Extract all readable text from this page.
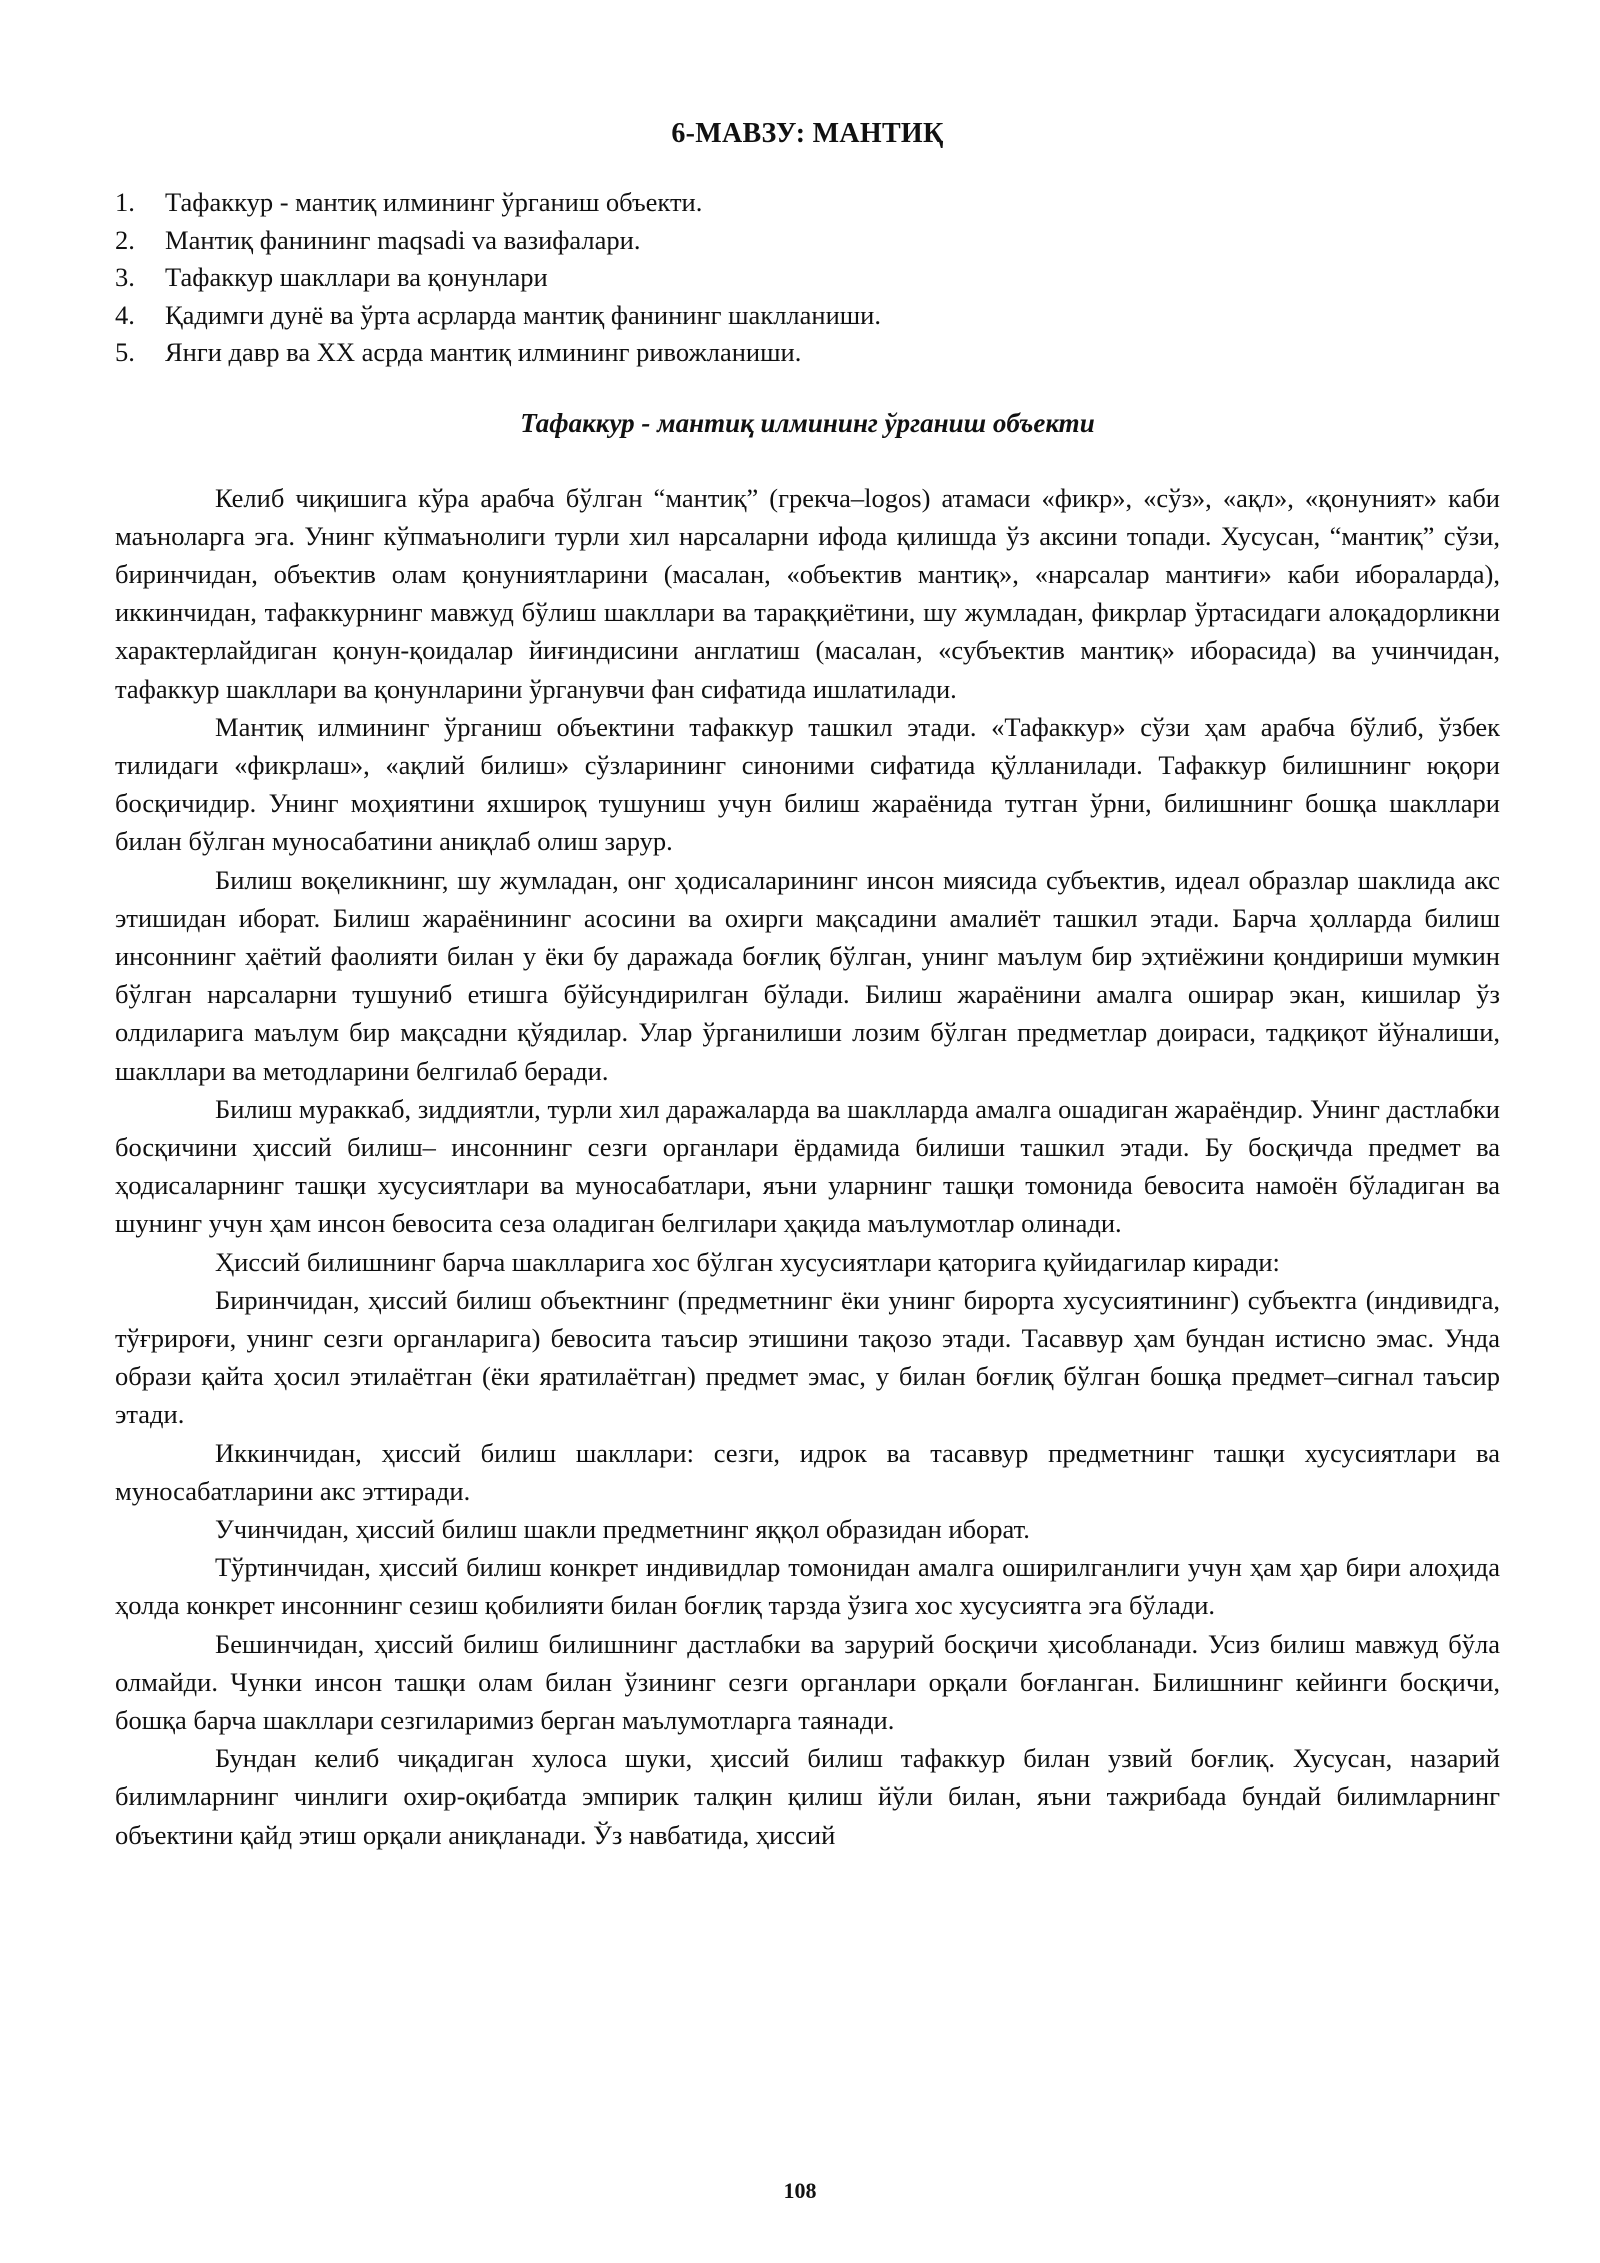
6-МАВЗУ: МАНТИҚ
1.	Тафаккур - мантиқ илмининг ўрганиш объекти.
2.	Мантиқ фанининг maqsadi va вазифалари.
3.	Тафаккур шакллари ва қонунлари
4.	Қадимги дунё ва ўрта асрларда мантиқ фанининг шаклланиши.
5.	Янги давр ва XX асрда мантиқ илмининг ривожланиши.
Тафаккур - мантиқ илмининг ўрганиш объекти

Келиб чиқишига кўра арабча бўлган “мантиқ” (грекча–logos) атамаси «фикр», «сўз», «ақл», «қонуният» каби маъноларга эга. Унинг кўпмаънолиги турли хил нарсаларни ифода қилишда ўз аксини топади. Хусусан, “мантиқ” сўзи, биринчидан, объектив олам қонуниятларини (масалан, «объектив мантиқ», «нарсалар мантиғи» каби ибораларда), иккинчидан, тафаккурнинг мавжуд бўлиш шакллари ва тараққиётини, шу жумладан, фикрлар ўртасидаги алоқадорликни характерлайдиган қонун-қоидалар йиғиндисини англатиш (масалан, «субъектив мантиқ» иборасида) ва учинчидан, тафаккур шакллари ва қонунларини ўрганувчи фан сифатида ишлатилади.

Мантиқ илмининг ўрганиш объектини тафаккур ташкил этади. «Тафаккур» сўзи ҳам арабча бўлиб, ўзбек тилидаги «фикрлаш», «ақлий билиш» сўзларининг синоними сифатида қўлланилади. Тафаккур билишнинг юқори босқичидир. Унинг моҳиятини яхшироқ тушуниш учун билиш жараёнида тутган ўрни, билишнинг бошқа шакллари билан бўлган муносабатини аниқлаб олиш зарур.

Билиш воқеликнинг, шу жумладан, онг ҳодисаларининг инсон миясида субъектив, идеал образлар шаклида акс этишидан иборат. Билиш жараёнининг асосини ва охирги мақсадини амалиёт ташкил этади. Барча ҳолларда билиш инсоннинг ҳаётий фаолияти билан у ёки бу даражада боғлиқ бўлган, унинг маълум бир эҳтиёжини қондириши мумкин бўлган нарсаларни тушуниб етишга бўйсундирилган бўлади. Билиш жараёнини амалга оширар экан, кишилар ўз олдиларига маълум бир мақсадни қўядилар. Улар ўрганилиши лозим бўлган предметлар доираси, тадқиқот йўналиши, шакллари ва методларини белгилаб беради.

Билиш мураккаб, зиддиятли, турли хил даражаларда ва шаклларда амалга ошадиган жараёндир. Унинг дастлабки босқичини ҳиссий билиш– инсоннинг сезги органлари ёрдамида билиши ташкил этади. Бу босқичда предмет ва ҳодисаларнинг ташқи хусусиятлари ва муносабатлари, яъни уларнинг ташқи томонида бевосита намоён бўладиган ва шунинг учун ҳам инсон бевосита сеза оладиган белгилари ҳақида маълумотлар олинади.

Ҳиссий билишнинг барча шаклларига хос бўлган хусусиятлари қаторига қуйидагилар киради:

Биринчидан, ҳиссий билиш объектнинг (предметнинг ёки унинг бирорта хусусиятининг) субъектга (индивидга, тўғрироғи, унинг сезги органларига) бевосита таъсир этишини тақозо этади. Тасаввур ҳам бундан истисно эмас. Унда образи қайта ҳосил этилаётган (ёки яратилаётган) предмет эмас, у билан боғлиқ бўлган бошқа предмет–сигнал таъсир этади.

Иккинчидан, ҳиссий билиш шакллари: сезги, идрок ва тасаввур предметнинг ташқи хусусиятлари ва муносабатларини акс эттиради.

Учинчидан, ҳиссий билиш шакли предметнинг яққол образидан иборат.

Тўртинчидан, ҳиссий билиш конкрет индивидлар томонидан амалга оширилганлиги учун ҳам ҳар бири алоҳида ҳолда конкрет инсоннинг сезиш қобилияти билан боғлиқ тарзда ўзига хос хусусиятга эга бўлади.

Бешинчидан, ҳиссий билиш билишнинг дастлабки ва зарурий босқичи ҳисобланади. Усиз билиш мавжуд бўла олмайди. Чунки инсон ташқи олам билан ўзининг сезги органлари орқали боғланган. Билишнинг кейинги босқичи, бошқа барча шакллари сезгиларимиз берган маълумотларга таянади.

Бундан келиб чиқадиган хулоса шуки, ҳиссий билиш тафаккур билан узвий боғлиқ. Хусусан, назарий билимларнинг чинлиги охир-оқибатда эмпирик талқин қилиш йўли билан, яъни тажрибада бундай билимларнинг объектини қайд этиш орқали аниқланади. Ўз навбатида, ҳиссий

108
